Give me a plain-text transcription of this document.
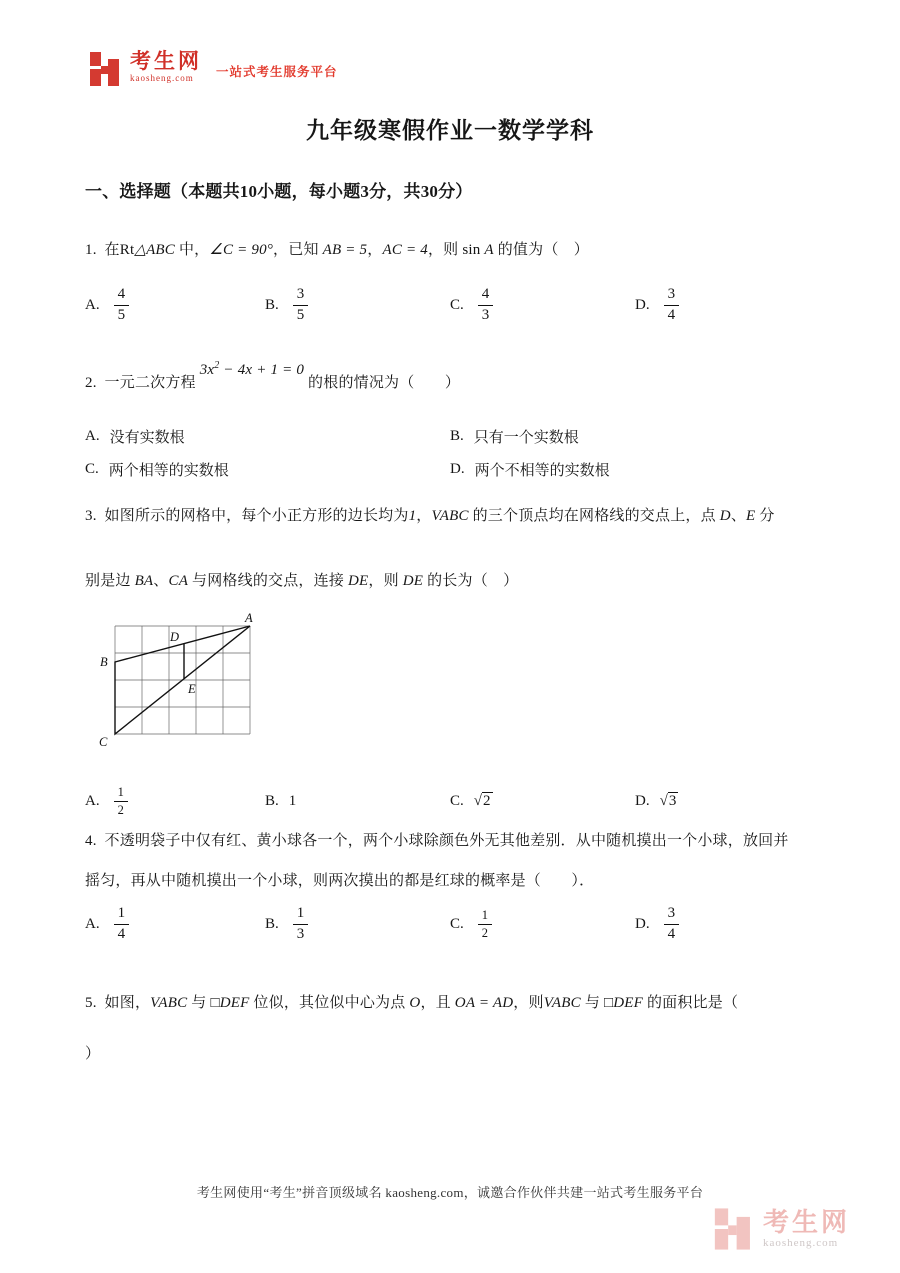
考生网
kaosheng.com	一站式考生服务平台
九年级寒假作业一数学学科
一、选择题（本题共10小题，每小题3分，共30分）
1.  在Rt△ABC 中，∠C = 90°，已知 AB = 5，AC = 4，则 sin A 的值为（　）
A. $\frac{4}{5}$	B. $\frac{3}{5}$	C. $\frac{4}{3}$	D. $\frac{3}{4}$
2.  一元二次方程 $3x^2 - 4x + 1 = 0$ 的根的情况为（　　）
A. 没有实数根	B. 只有一个实数根
C. 两个相等的实数根	D. 两个不相等的实数根
3.  如图所示的网格中，每个小正方形的边长均为1，VABC 的三个顶点均在网格线的交点上，点 D、E 分
别是边 BA、CA 与网格线的交点，连接 DE，则 DE 的长为（　）
A
B
C
D
E
A. $\frac{1}{2}$	B. 1	C. √ 2	D. √ 3
4.  不透明袋子中仅有红、黄小球各一个，两个小球除颜色外无其他差别．从中随机摸出一个小球，放回并
摇匀，再从中随机摸出一个小球，则两次摸出的都是红球的概率是（　　）．
A. $\frac{1}{4}$	B. $\frac{1}{3}$	C. $\frac{1}{2}$	D. $\frac{3}{4}$
5.  如图，VABC 与 □DEF 位似，其位似中心为点 O，且 OA = AD，则VABC 与 □DEF 的面积比是（
）
考生网使用“考生”拼音顶级域名 kaosheng.com，诚邀合作伙伴共建一站式考生服务平台
考生网
kaosheng.com
